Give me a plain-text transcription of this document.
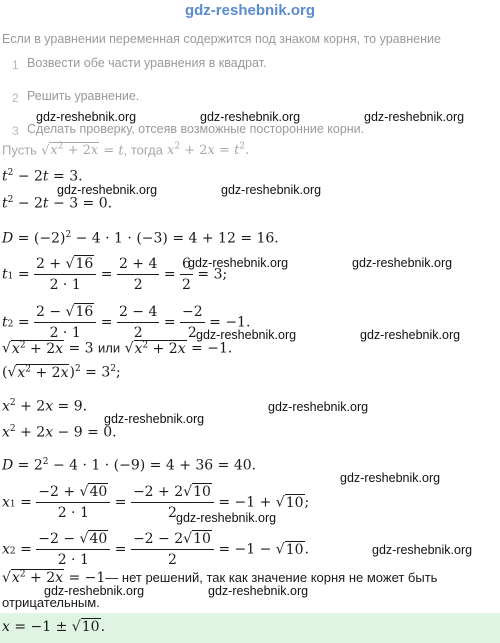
gdz-reshebnik.org
Если в уравнении переменная содержится под знаком корня, то уравнение
1 Возвести обе части уравнения в квадрат.
2 Решить уравнение.
3 Сделать проверку, отсеяв возможные посторонние корни.
Пусть $√x^2 + 2x = t$, тогда $x^2 + 2x = t^2$.
$t^2 - 2t = 3$.
$t^2 - 2t - 3 = 0$.
$D = (-2)^2 - 4 \cdot 1 \cdot (-3) = 4 + 12 = 16$.
$t1 = \frac{2 + √16}{2 \cdot 1} = \frac{2 + 4}{2} = \frac{6}{2} = 3$;
$t2 = \frac{2 - √16}{2 \cdot 1} = \frac{2 - 4}{2} = \frac{-2}{2} = -1$.
$√x^2 + 2x = 3$ или $√x^2 + 2x = -1$.
$(√x^2 + 2x)^2 = 3^2$;
$x^2 + 2x = 9$.
$x^2 + 2x - 9 = 0$.
$D = 2^2 - 4 \cdot 1 \cdot (-9) = 4 + 36 = 40$.
$x1 = \frac{-2 + √40}{2 \cdot 1} = \frac{-2 + 2√10}{2} = -1 + √10$;
$x2 = \frac{-2 - √40}{2 \cdot 1} = \frac{-2 - 2√10}{2} = -1 - √10$.
$√x^2 + 2x$ = −1— нет решений, так как значение корня не может быть
отрицательным.
x = −1 ± √10.
gdz-reshebnik.org	gdz-reshebnik.org	gdz-reshebnik.org
gdz-reshebnik.org	gdz-reshebnik.org
gdz-reshebnik.org	gdz-reshebnik.org
gdz-reshebnik.org	gdz-reshebnik.org
gdz-reshebnik.org
gdz-reshebnik.org
gdz-reshebnik.org
gdz-reshebnik.org
gdz-reshebnik.org
gdz-reshebnik.org	gdz-reshebnik.org
